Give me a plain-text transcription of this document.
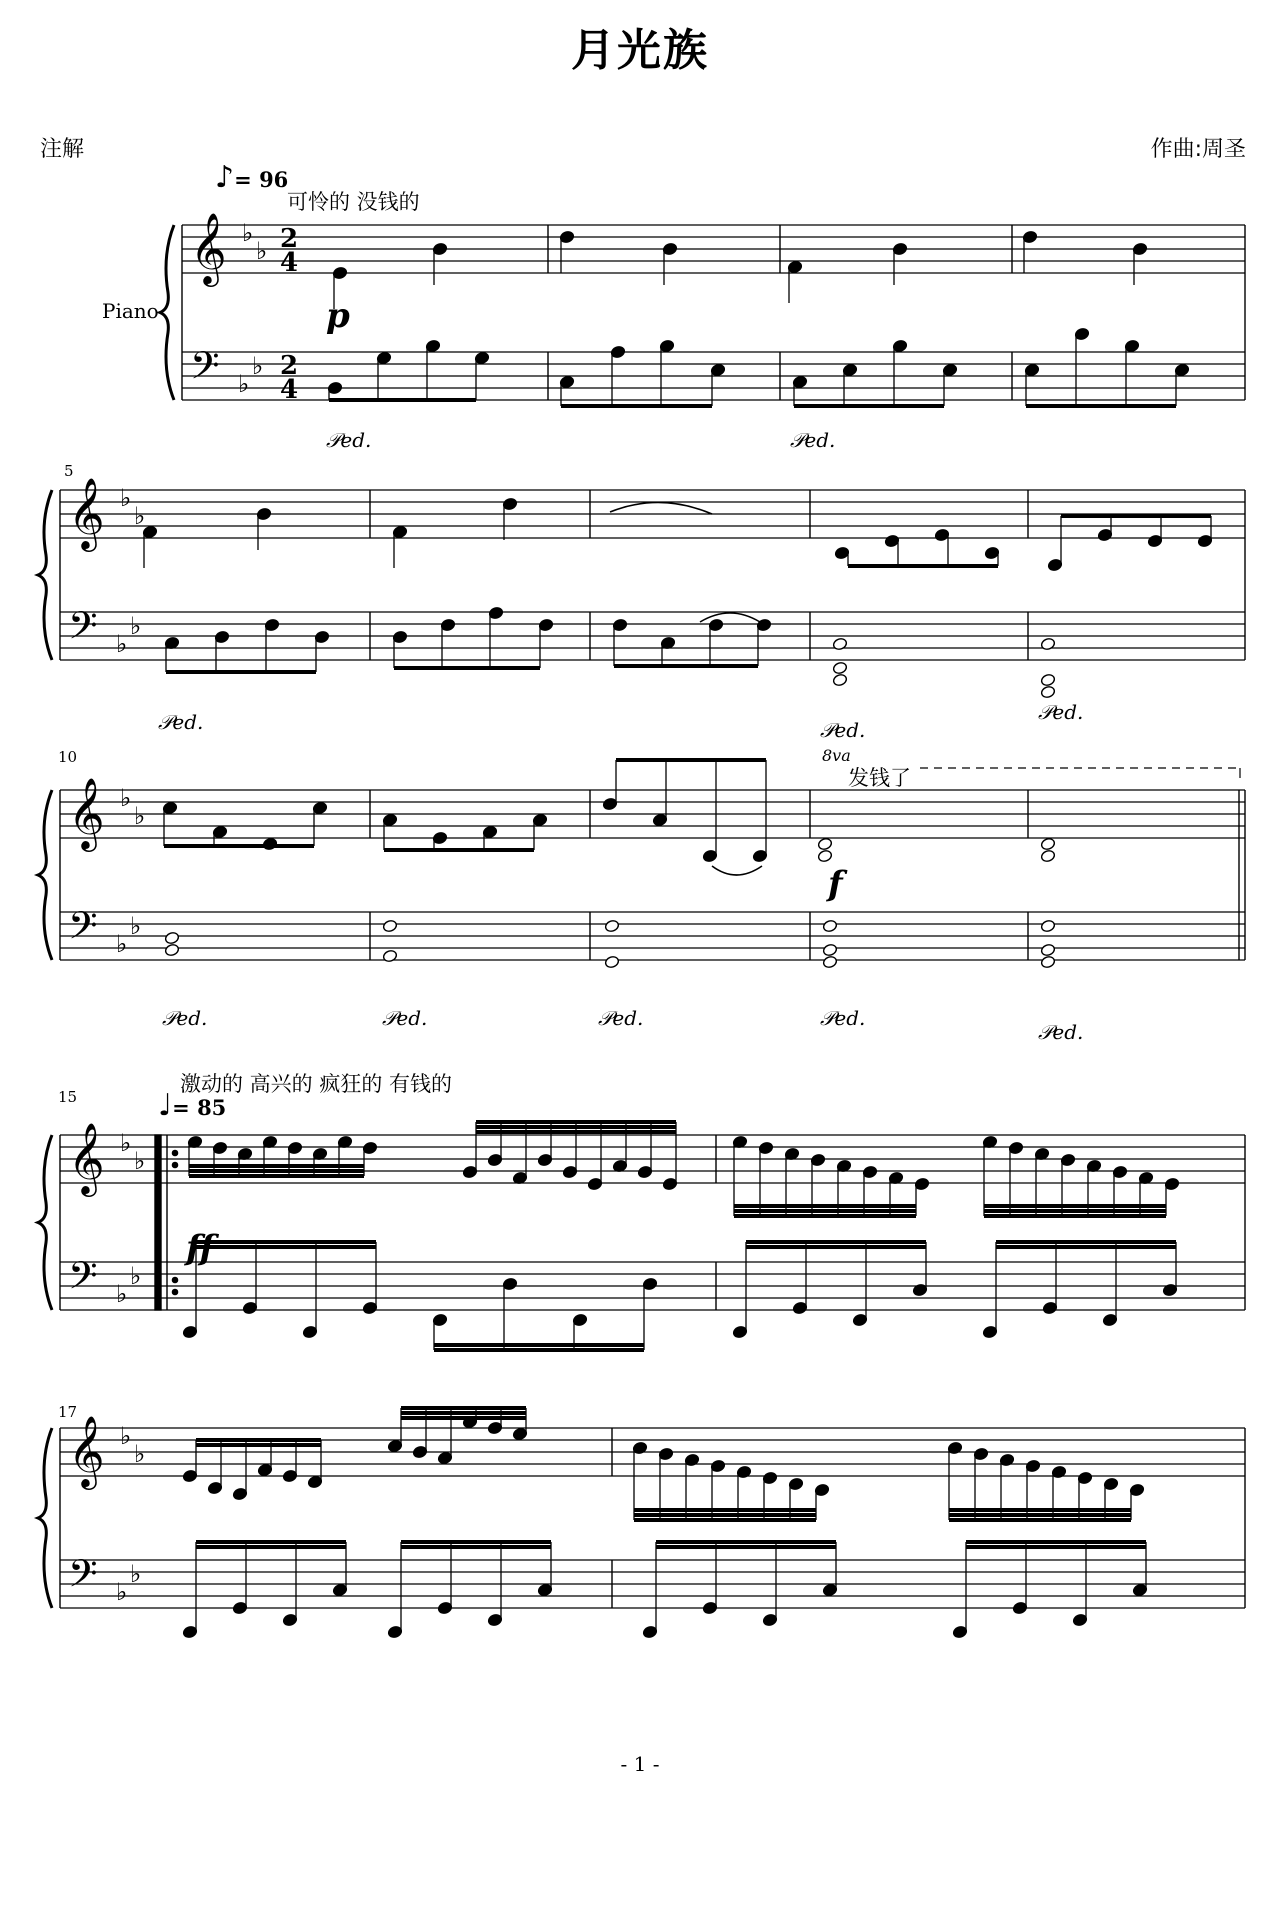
月光族
注解	作曲:周圣
♪= 96
可怜的 没钱的
Piano
♩= 85
激动的 高兴的 疯狂的 有钱的
发钱了
8va
p
f
ff
5
10
15
17
𝒫𝑒𝑑.	𝒫𝑒𝑑.
𝒫𝑒𝑑.	𝒫𝑒𝑑.
𝒫𝑒𝑑.
𝒫𝑒𝑑.	𝒫𝑒𝑑.	𝒫𝑒𝑑.	𝒫𝑒𝑑.
𝒫𝑒𝑑.
- 1 -
𝄞 ♭
♭
𝄢 ♭
♭
𝄞 ♭
♭
𝄢 ♭
♭
𝄞 ♭
♭
𝄢 ♭
♭
𝄞 ♭
♭
𝄢 ♭
♭
𝄞 ♭
♭
𝄢 ♭
♭
2
4
2
4
